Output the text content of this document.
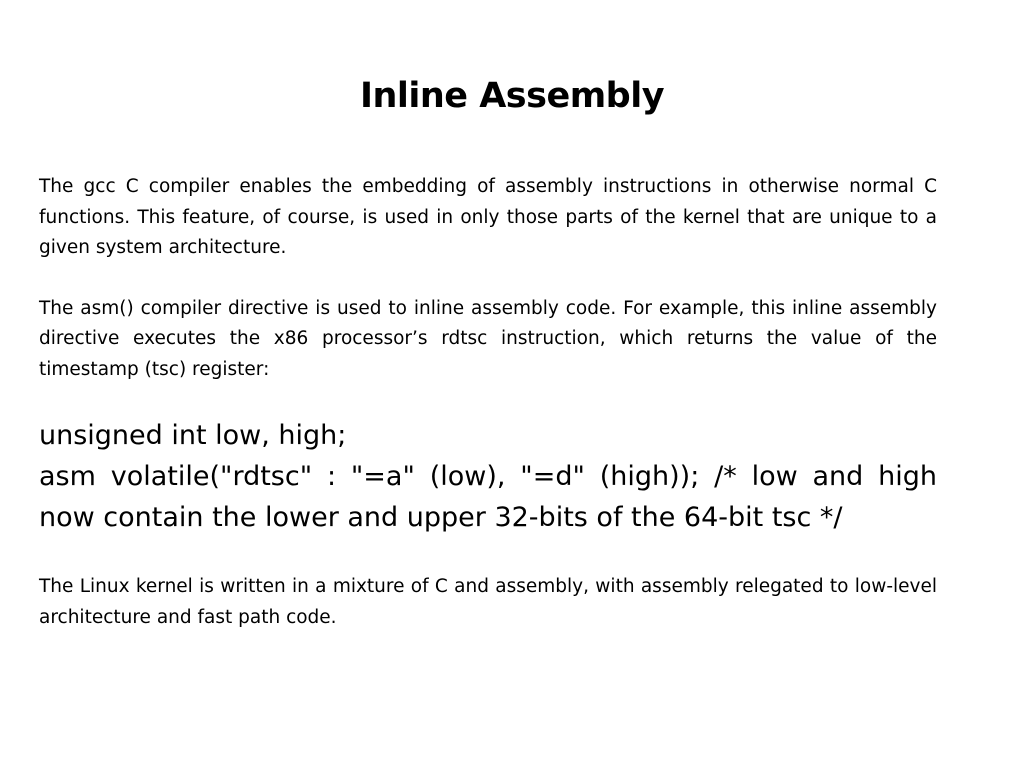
Inline Assembly

The gcc C compiler enables the embedding of assembly instructions in otherwise normal C functions. This feature, of course, is used in only those parts of the kernel that are unique to a given system architecture.

The asm() compiler directive is used to inline assembly code. For example, this inline assembly directive executes the x86 processor’s rdtsc instruction, which returns the value of the timestamp (tsc) register:

unsigned int low, high;
asm volatile("rdtsc" : "=a" (low), "=d" (high)); /* low and high now contain the lower and upper 32-bits of the 64-bit tsc */

The Linux kernel is written in a mixture of C and assembly, with assembly relegated to low-level architecture and fast path code.
